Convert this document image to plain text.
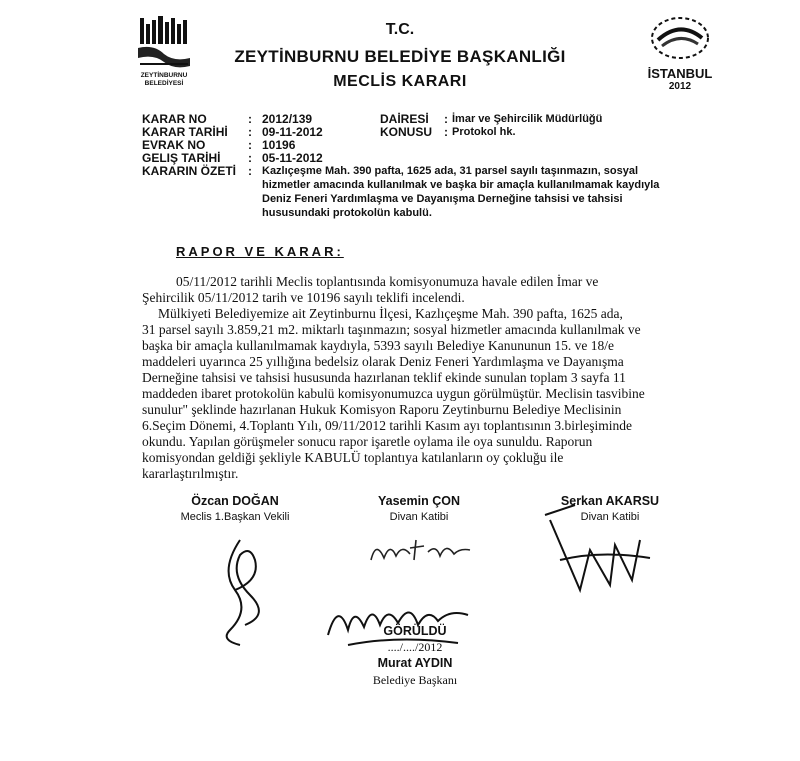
ZEYTİNBURNU BELEDİYESİ
T.C.
ZEYTİNBURNU BELEDİYE BAŞKANLIĞI
MECLİS KARARI	İSTANBUL
2012
KARAR NO	: 2012/139
KARAR TARİHİ	: 09-11-2012
EVRAK NO	: 10196
GELIŞ TARİHİ	: 05-11-2012
KARARIN ÖZETİ	: Kazlıçeşme Mah. 390 pafta, 1625 ada, 31 parsel sayılı taşınmazın, sosyal
hizmetler amacında kullanılmak ve başka bir amaçla kullanılmamak kaydıyla
Deniz Feneri Yardımlaşma ve Dayanışma Derneğine tahsisi ve tahsisi
hususundaki protokolün kabulü.
DAİRESİ : İmar ve Şehircilik Müdürlüğü
KONUSU : Protokol hk.
RAPOR VE KARAR:
05/11/2012 tarihli Meclis toplantısında komisyonumuza havale edilen İmar ve
Şehircilik 05/11/2012 tarih ve 10196 sayılı teklifi incelendi.
Mülkiyeti Belediyemize ait Zeytinburnu İlçesi, Kazlıçeşme Mah. 390 pafta, 1625 ada,
31 parsel sayılı 3.859,21 m2. miktarlı taşınmazın; sosyal hizmetler amacında kullanılmak ve
başka bir amaçla kullanılmamak kaydıyla, 5393 sayılı Belediye Kanununun 15. ve 18/e
maddeleri uyarınca 25 yıllığına bedelsiz olarak Deniz Feneri Yardımlaşma ve Dayanışma
Derneğine tahsisi ve tahsisi hususunda hazırlanan teklif ekinde sunulan toplam 3 sayfa 11
maddeden ibaret protokolün kabulü komisyonumuzca uygun görülmüştür. Meclisin tasvibine
sunulur" şeklinde hazırlanan Hukuk Komisyon Raporu Zeytinburnu Belediye Meclisinin
6.Seçim Dönemi, 4.Toplantı Yılı, 09/11/2012 tarihli Kasım ayı toplantısının 3.birleşiminde
okundu. Yapılan görüşmeler sonucu rapor işaretle oylama ile oya sunuldu. Raporun
komisyondan geldiği şekliyle KABULÜ toplantıya katılanların oy çokluğu ile
kararlaştırılmıştır.
Özcan DOĞAN
Meclis 1.Başkan Vekili
Yasemin ÇON
Divan Katibi
Serkan AKARSU
Divan Katibi
GÖRÜLDÜ
..../..../2012
Murat AYDIN
Belediye Başkanı
